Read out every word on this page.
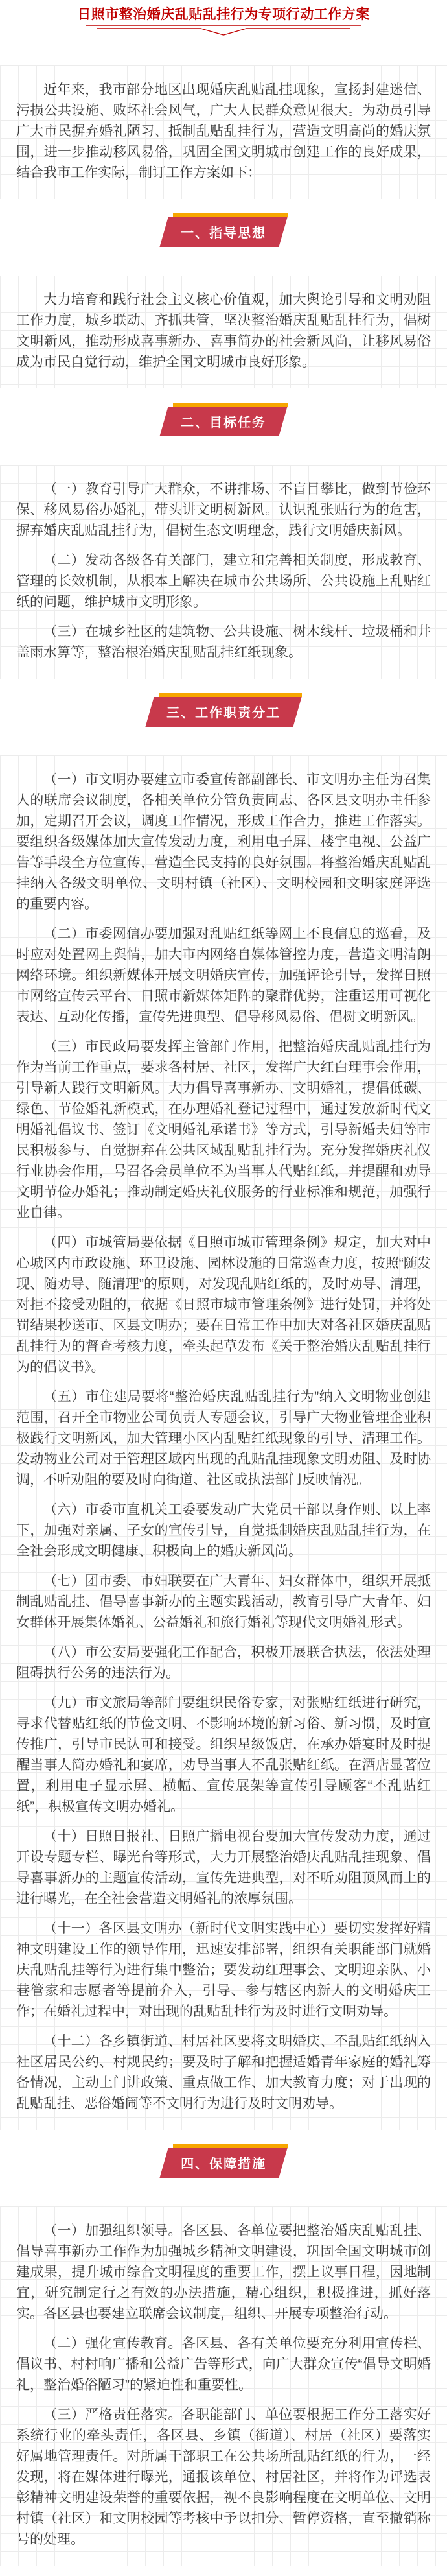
日照市整治婚庆乱贴乱挂行为专项行动工作方案

近年来，我市部分地区出现婚庆乱贴乱挂现象，宣扬封建迷信、污损公共设施、败坏社会风气，广大人民群众意见很大。为动员引导广大市民摒弃婚礼陋习、抵制乱贴乱挂行为，营造文明高尚的婚庆氛围，进一步推动移风易俗，巩固全国文明城市创建工作的良好成果，结合我市工作实际，制订工作方案如下：

一、指导思想

大力培育和践行社会主义核心价值观，加大舆论引导和文明劝阻工作力度，城乡联动、齐抓共管，坚决整治婚庆乱贴乱挂行为，倡树文明新风，推动形成喜事新办、喜事简办的社会新风尚，让移风易俗成为市民自觉行动，维护全国文明城市良好形象。

二、目标任务

（一）教育引导广大群众，不讲排场、不盲目攀比，做到节俭环保、移风易俗办婚礼，带头讲文明树新风。认识乱张贴行为的危害，摒弃婚庆乱贴乱挂行为，倡树生态文明理念，践行文明婚庆新风。

（二）发动各级各有关部门，建立和完善相关制度，形成教育、管理的长效机制，从根本上解决在城市公共场所、公共设施上乱贴红纸的问题，维护城市文明形象。

（三）在城乡社区的建筑物、公共设施、树木线杆、垃圾桶和井盖雨水箅等，整治根治婚庆乱贴乱挂红纸现象。

三、工作职责分工

（一）市文明办要建立市委宣传部副部长、市文明办主任为召集人的联席会议制度，各相关单位分管负责同志、各区县文明办主任参加，定期召开会议，调度工作情况，形成工作合力，推进工作落实。要组织各级媒体加大宣传发动力度，利用电子屏、楼宇电视、公益广告等手段全方位宣传，营造全民支持的良好氛围。将整治婚庆乱贴乱挂纳入各级文明单位、文明村镇（社区）、文明校园和文明家庭评选的重要内容。

（二）市委网信办要加强对乱贴红纸等网上不良信息的巡看，及时应对处置网上舆情，加大市内网络自媒体管控力度，营造文明清朗网络环境。组织新媒体开展文明婚庆宣传，加强评论引导，发挥日照市网络宣传云平台、日照市新媒体矩阵的聚群优势，注重运用可视化表达、互动化传播，宣传先进典型、倡导移风易俗、倡树文明新风。

（三）市民政局要发挥主管部门作用，把整治婚庆乱贴乱挂行为作为当前工作重点，要求各村居、社区，发挥广大红白理事会作用，引导新人践行文明新风。大力倡导喜事新办、文明婚礼，提倡低碳、绿色、节俭婚礼新模式，在办理婚礼登记过程中，通过发放新时代文明婚礼倡议书、签订《文明婚礼承诺书》等方式，引导新婚夫妇等市民积极参与、自觉摒弃在公共区域乱贴乱挂行为。充分发挥婚庆礼仪行业协会作用，号召各会员单位不为当事人代贴红纸，并提醒和劝导文明节俭办婚礼；推动制定婚庆礼仪服务的行业标准和规范，加强行业自律。

（四）市城管局要依据《日照市城市管理条例》规定，加大对中心城区内市政设施、环卫设施、园林设施的日常巡查力度，按照“随发现、随劝导、随清理”的原则，对发现乱贴红纸的，及时劝导、清理，对拒不接受劝阻的，依据《日照市城市管理条例》进行处罚，并将处罚结果抄送市、区县文明办；要在日常工作中加大对各社区婚庆乱贴乱挂行为的督查考核力度，牵头起草发布《关于整治婚庆乱贴乱挂行为的倡议书》。

（五）市住建局要将“整治婚庆乱贴乱挂行为”纳入文明物业创建范围，召开全市物业公司负责人专题会议，引导广大物业管理企业积极践行文明新风，加大管理小区内乱贴红纸现象的引导、清理工作。发动物业公司对于管理区域内出现的乱贴乱挂现象文明劝阻、及时协调，不听劝阻的要及时向街道、社区或执法部门反映情况。

（六）市委市直机关工委要发动广大党员干部以身作则、以上率下，加强对亲属、子女的宣传引导，自觉抵制婚庆乱贴乱挂行为，在全社会形成文明健康、积极向上的婚庆新风尚。

（七）团市委、市妇联要在广大青年、妇女群体中，组织开展抵制乱贴乱挂、倡导喜事新办的主题实践活动，教育引导广大青年、妇女群体开展集体婚礼、公益婚礼和旅行婚礼等现代文明婚礼形式。

（八）市公安局要强化工作配合，积极开展联合执法，依法处理阻碍执行公务的违法行为。

（九）市文旅局等部门要组织民俗专家，对张贴红纸进行研究，寻求代替贴红纸的节俭文明、不影响环境的新习俗、新习惯，及时宣传推广，引导市民认可和接受。组织星级饭店，在承办婚宴时及时提醒当事人简办婚礼和宴席，劝导当事人不乱张贴红纸。在酒店显著位置，利用电子显示屏、横幅、宣传展架等宣传引导顾客“不乱贴红纸”，积极宣传文明办婚礼。

（十）日照日报社、日照广播电视台要加大宣传发动力度，通过开设专题专栏、曝光台等形式，大力开展整治婚庆乱贴乱挂现象、倡导喜事新办的主题宣传活动，宣传先进典型，对不听劝阻顶风而上的进行曝光，在全社会营造文明婚礼的浓厚氛围。

（十一）各区县文明办（新时代文明实践中心）要切实发挥好精神文明建设工作的领导作用，迅速安排部署，组织有关职能部门就婚庆乱贴乱挂等行为进行集中整治；要发动红理事会、文明迎亲队、小巷管家和志愿者等提前介入，引导、参与辖区内新人的文明婚庆工作；在婚礼过程中，对出现的乱贴乱挂行为及时进行文明劝导。

（十二）各乡镇街道、村居社区要将文明婚庆、不乱贴红纸纳入社区居民公约、村规民约；要及时了解和把握适婚青年家庭的婚礼筹备情况，主动上门讲政策、重点做工作、加大教育力度；对于出现的乱贴乱挂、恶俗婚闹等不文明行为进行及时文明劝导。

四、保障措施

（一）加强组织领导。各区县、各单位要把整治婚庆乱贴乱挂、倡导喜事新办工作作为加强城乡精神文明建设，巩固全国文明城市创建成果，提升城市综合文明程度的重要工作，摆上议事日程，因地制宜，研究制定行之有效的办法措施，精心组织，积极推进，抓好落实。各区县也要建立联席会议制度，组织、开展专项整治行动。

（二）强化宣传教育。各区县、各有关单位要充分利用宣传栏、倡议书、村村响广播和公益广告等形式，向广大群众宣传“倡导文明婚礼，整治婚俗陋习”的紧迫性和重要性。

（三）严格责任落实。各职能部门、单位要根据工作分工落实好系统行业的牵头责任，各区县、乡镇（街道）、村居（社区）要落实好属地管理责任。对所属干部职工在公共场所乱贴红纸的行为，一经发现，将在媒体进行曝光，通报该单位、村居社区，并将作为评选表彰精神文明建设荣誉的重要依据，视不良影响程度在文明单位、文明村镇（社区）和文明校园等考核中予以扣分、暂停资格，直至撤销称号的处理。
